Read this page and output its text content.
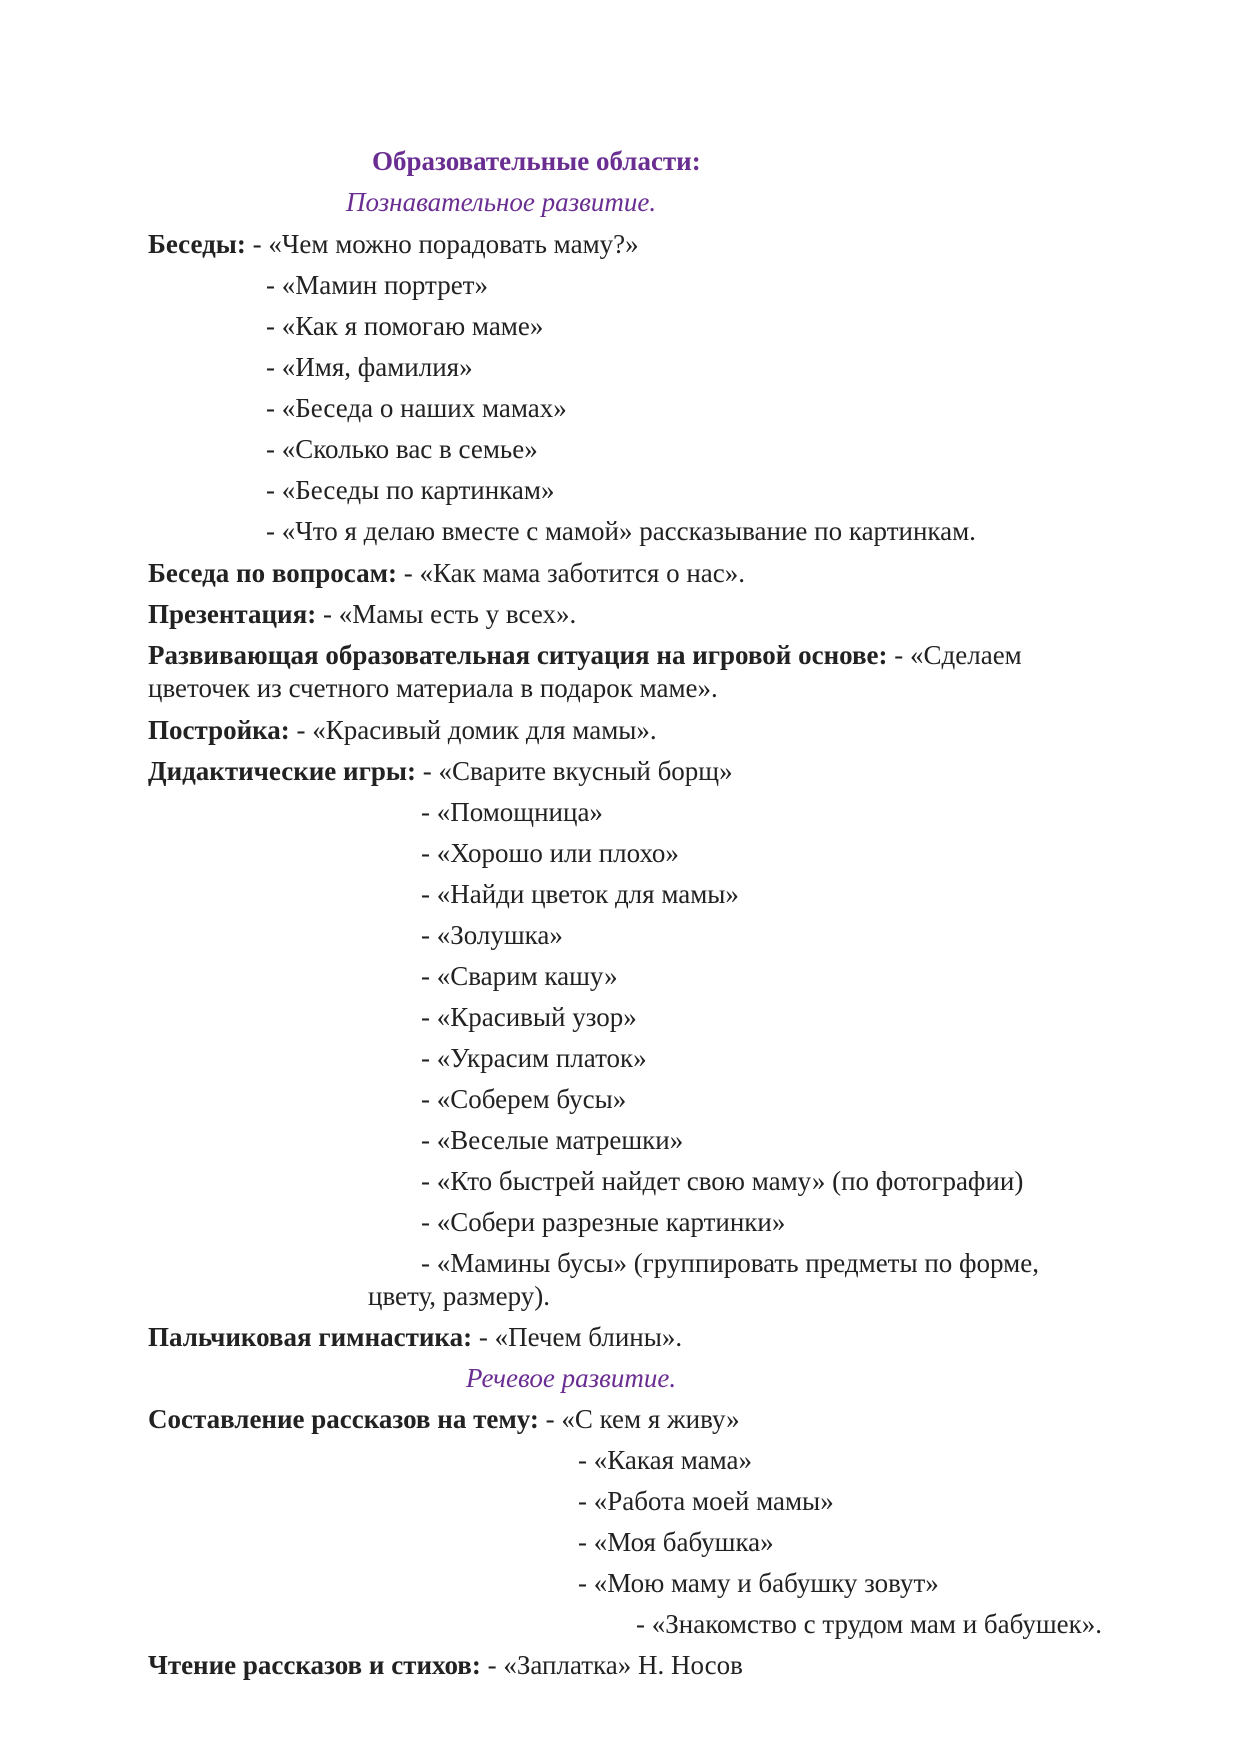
Образовательные области:
Познавательное развитие.
Беседы: - «Чем можно порадовать маму?»
- «Мамин портрет»
- «Как я помогаю маме»
- «Имя, фамилия»
- «Беседа о наших мамах»
- «Сколько вас в семье»
- «Беседы по картинкам»
- «Что я делаю вместе с мамой» рассказывание по картинкам.
Беседа по вопросам: - «Как мама заботится о нас».
Презентация: - «Мамы есть у всех».
Развивающая образовательная ситуация на игровой основе: - «Сделаем
цветочек из счетного материала в подарок маме».
Постройка: - «Красивый домик для мамы».
Дидактические игры: - «Сварите вкусный борщ»
- «Помощница»
- «Хорошо или плохо»
- «Найди цветок для мамы»
- «Золушка»
- «Сварим кашу»
- «Красивый узор»
- «Украсим платок»
- «Соберем бусы»
- «Веселые матрешки»
- «Кто быстрей найдет свою маму» (по фотографии)
- «Собери разрезные картинки»
- «Мамины бусы» (группировать предметы по форме,
цвету, размеру).
Пальчиковая гимнастика: - «Печем блины».
Речевое развитие.
Составление рассказов на тему: - «С кем я живу»
- «Какая мама»
- «Работа моей мамы»
- «Моя бабушка»
- «Мою маму и бабушку зовут»
- «Знакомство с трудом мам и бабушек».
Чтение рассказов и стихов: - «Заплатка» Н. Носов
